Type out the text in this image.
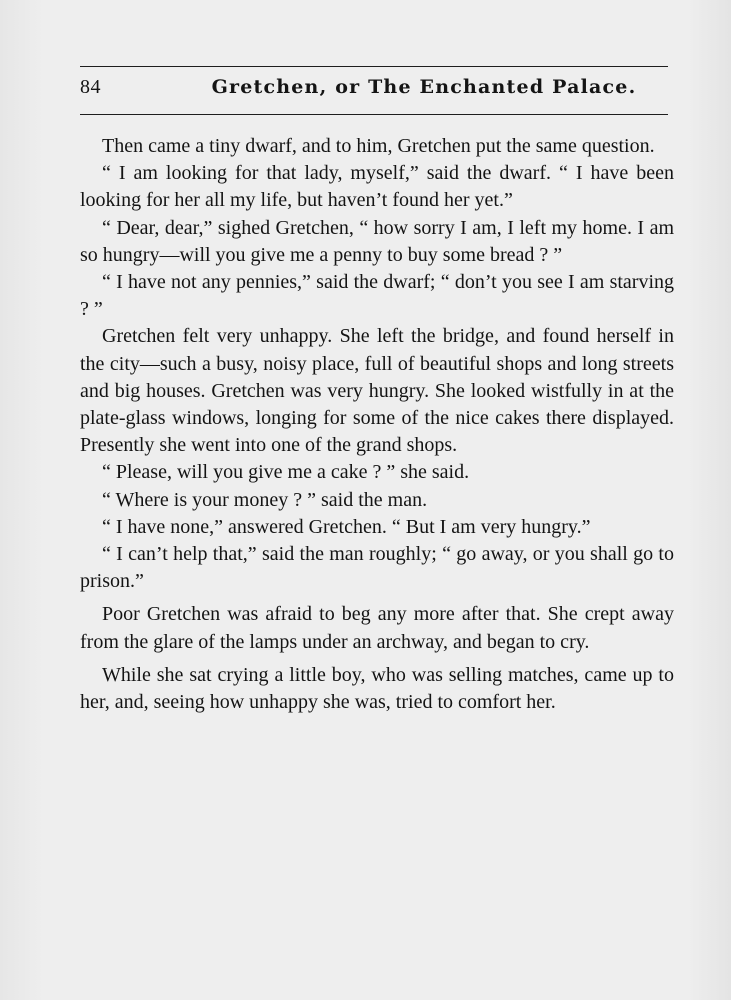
84	Gretchen, or The Enchanted Palace.

Then came a tiny dwarf, and to him, Gretchen put the same question.

“ I am looking for that lady, myself,” said the dwarf. “ I have been looking for her all my life, but haven’t found her yet.”

“ Dear, dear,” sighed Gretchen, “ how sorry I am, I left my home. I am so hungry—will you give me a penny to buy some bread ? ”

“ I have not any pennies,” said the dwarf; “ don’t you see I am starving ? ”

Gretchen felt very unhappy. She left the bridge, and found herself in the city—such a busy, noisy place, full of beautiful shops and long streets and big houses. Gretchen was very hungry. She looked wistfully in at the plate-glass windows, longing for some of the nice cakes there displayed. Presently she went into one of the grand shops.

“ Please, will you give me a cake ? ” she said.

“ Where is your money ? ” said the man.

“ I have none,” answered Gretchen. “ But I am very hungry.”

“ I can’t help that,” said the man roughly; “ go away, or you shall go to prison.”

Poor Gretchen was afraid to beg any more after that. She crept away from the glare of the lamps under an archway, and began to cry.

While she sat crying a little boy, who was selling matches, came up to her, and, seeing how unhappy she was, tried to comfort her.
